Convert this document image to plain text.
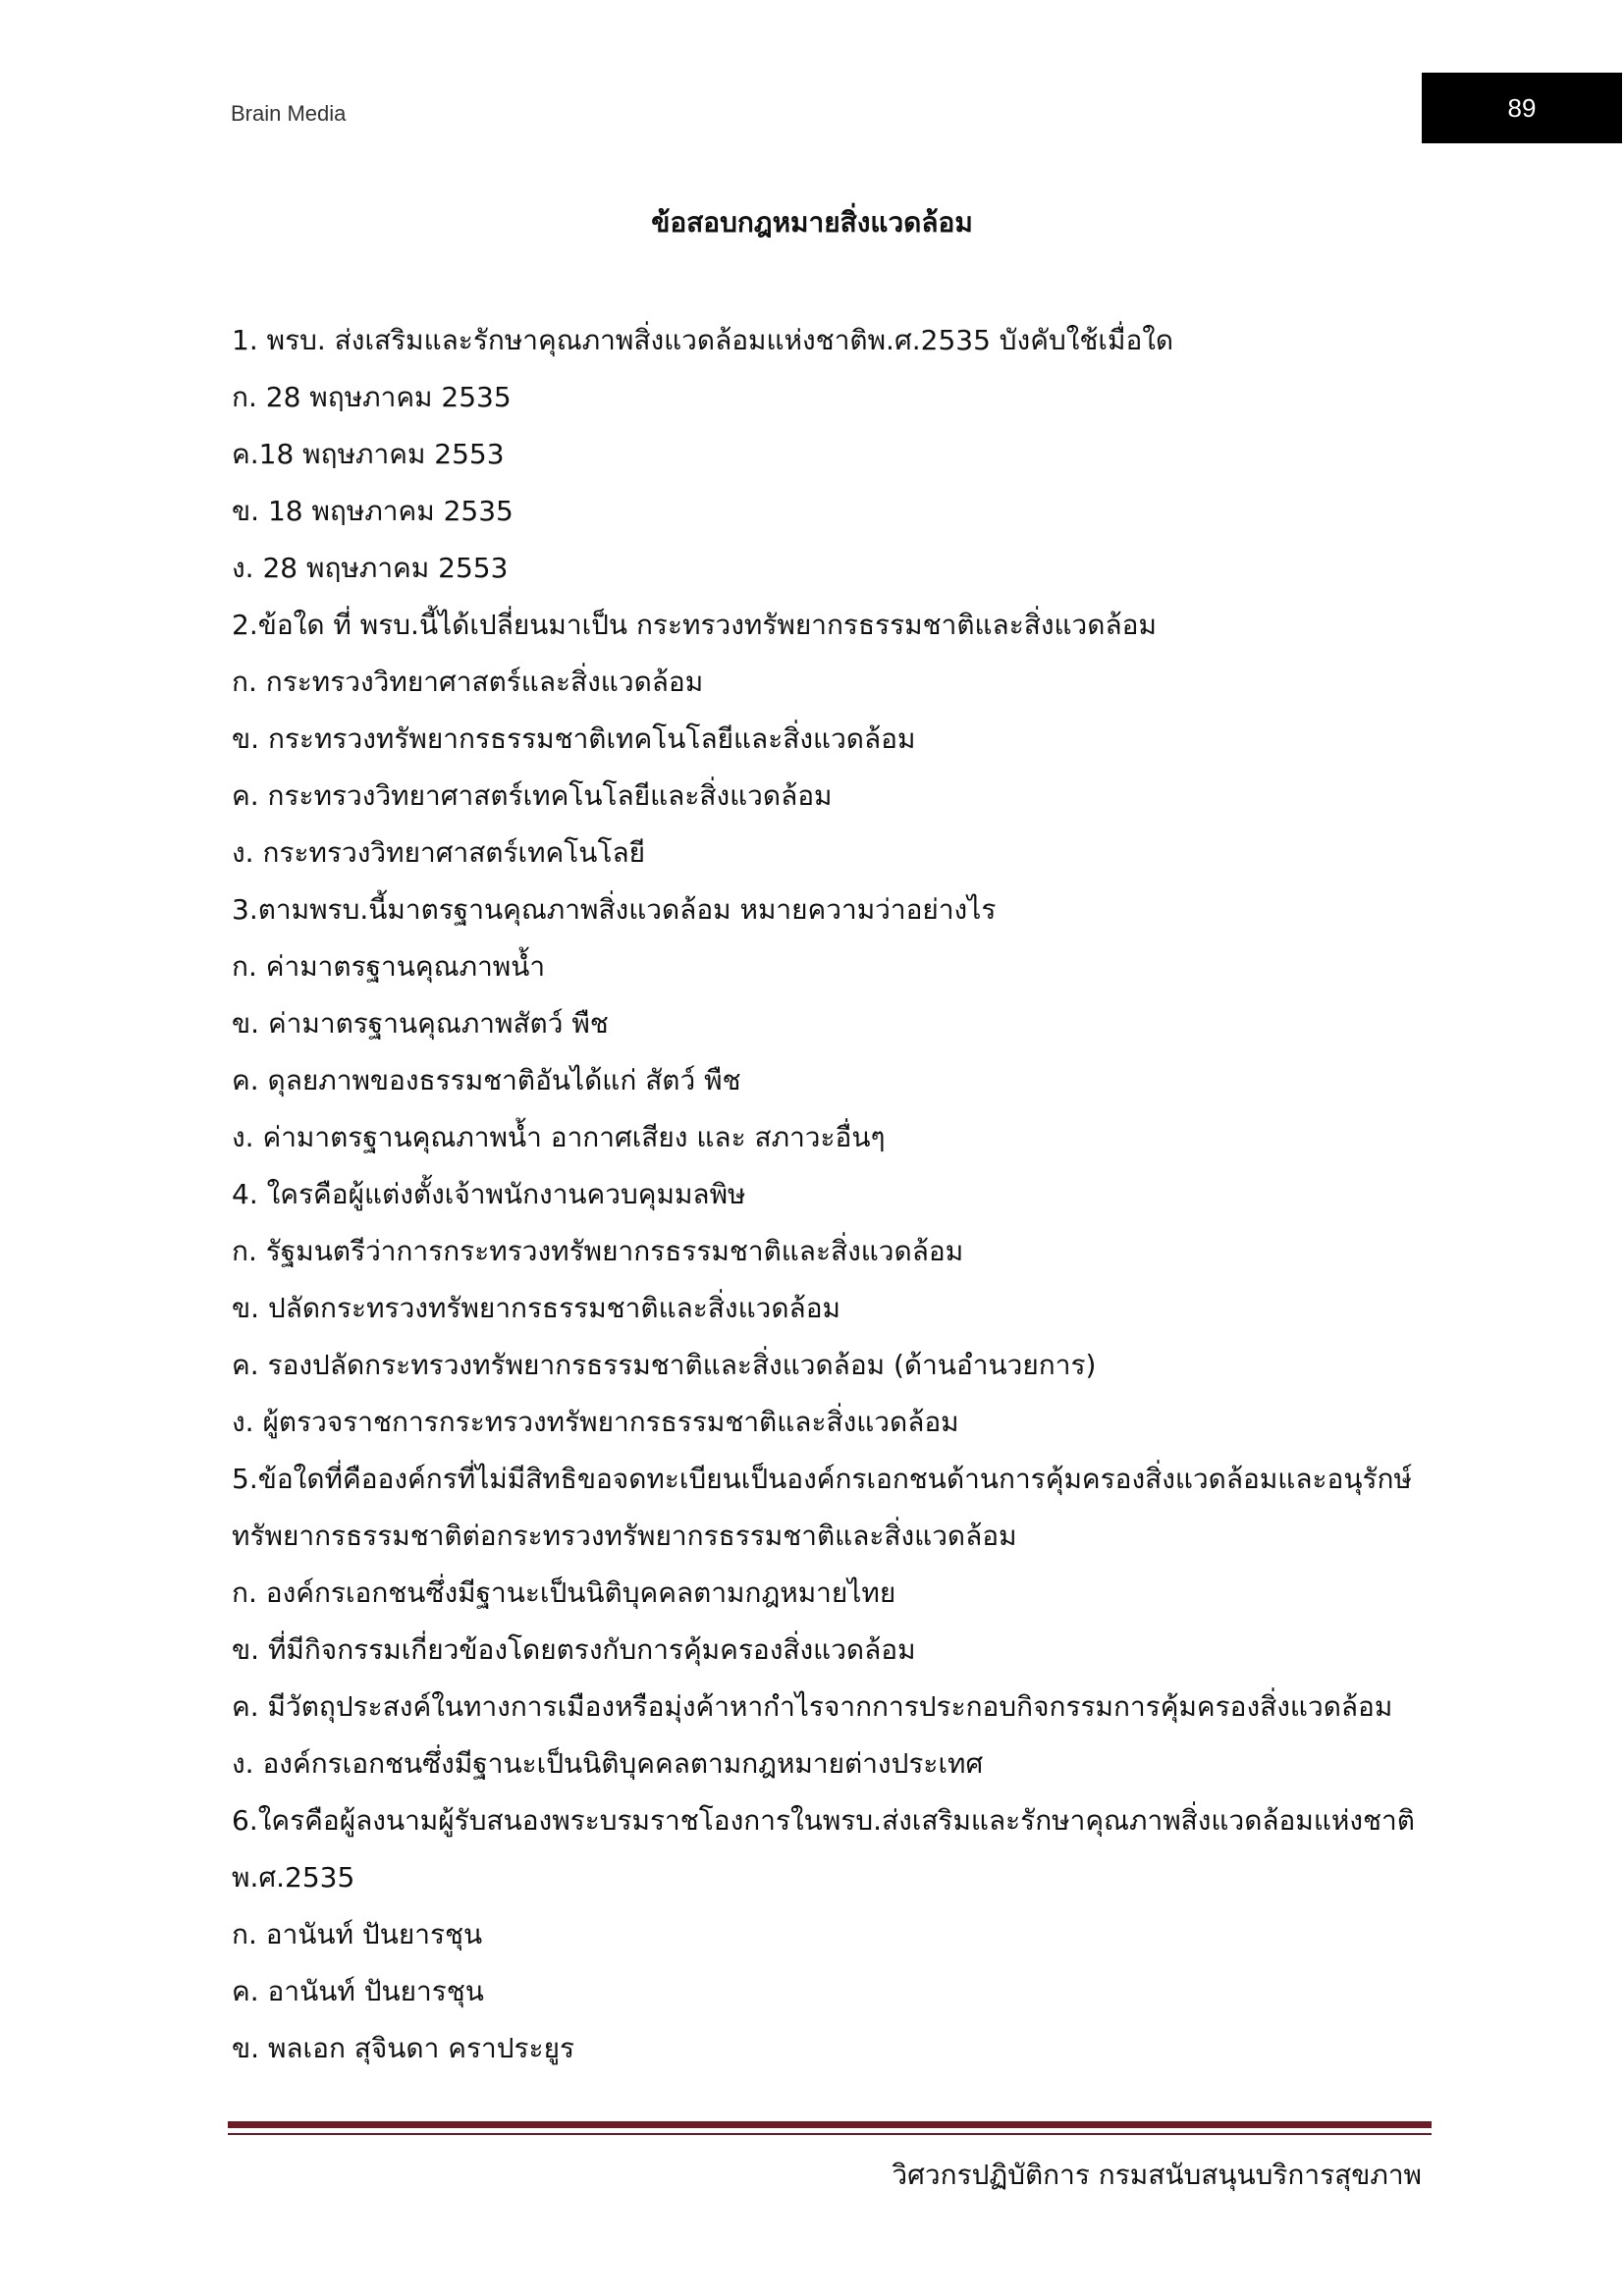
Brain Media	89
ข้อสอบกฎหมายสิ่งแวดล้อม
1. พรบ. ส่งเสริมและรักษาคุณภาพสิ่งแวดล้อมแห่งชาติพ.ศ.2535 บังคับใช้เมื่อใด
ก. 28 พฤษภาคม 2535
ค.18 พฤษภาคม 2553
ข. 18 พฤษภาคม 2535
ง. 28 พฤษภาคม 2553
2.ข้อใด ที่ พรบ.นี้ได้เปลี่ยนมาเป็น กระทรวงทรัพยากรธรรมชาติและสิ่งแวดล้อม
ก. กระทรวงวิทยาศาสตร์และสิ่งแวดล้อม
ข. กระทรวงทรัพยากรธรรมชาติเทคโนโลยีและสิ่งแวดล้อม
ค. กระทรวงวิทยาศาสตร์เทคโนโลยีและสิ่งแวดล้อม
ง. กระทรวงวิทยาศาสตร์เทคโนโลยี
3.ตามพรบ.นี้มาตรฐานคุณภาพสิ่งแวดล้อม หมายความว่าอย่างไร
ก. ค่ามาตรฐานคุณภาพน้ำ
ข. ค่ามาตรฐานคุณภาพสัตว์ พืช
ค. ดุลยภาพของธรรมชาติอันได้แก่ สัตว์ พืช
ง. ค่ามาตรฐานคุณภาพน้ำ อากาศเสียง และ สภาวะอื่นๆ
4. ใครคือผู้แต่งตั้งเจ้าพนักงานควบคุมมลพิษ
ก. รัฐมนตรีว่าการกระทรวงทรัพยากรธรรมชาติและสิ่งแวดล้อม
ข. ปลัดกระทรวงทรัพยากรธรรมชาติและสิ่งแวดล้อม
ค. รองปลัดกระทรวงทรัพยากรธรรมชาติและสิ่งแวดล้อม (ด้านอำนวยการ)
ง. ผู้ตรวจราชการกระทรวงทรัพยากรธรรมชาติและสิ่งแวดล้อม
5.ข้อใดที่คือองค์กรที่ไม่มีสิทธิขอจดทะเบียนเป็นองค์กรเอกชนด้านการคุ้มครองสิ่งแวดล้อมและอนุรักษ์
ทรัพยากรธรรมชาติต่อกระทรวงทรัพยากรธรรมชาติและสิ่งแวดล้อม
ก. องค์กรเอกชนซึ่งมีฐานะเป็นนิติบุคคลตามกฎหมายไทย
ข. ที่มีกิจกรรมเกี่ยวข้องโดยตรงกับการคุ้มครองสิ่งแวดล้อม
ค. มีวัตถุประสงค์ในทางการเมืองหรือมุ่งค้าหากำไรจากการประกอบกิจกรรมการคุ้มครองสิ่งแวดล้อม
ง. องค์กรเอกชนซึ่งมีฐานะเป็นนิติบุคคลตามกฎหมายต่างประเทศ
6.ใครคือผู้ลงนามผู้รับสนองพระบรมราชโองการในพรบ.ส่งเสริมและรักษาคุณภาพสิ่งแวดล้อมแห่งชาติ
พ.ศ.2535
ก. อานันท์ ปันยารชุน
ค. อานันท์ ปันยารชุน
ข. พลเอก สุจินดา คราประยูร
วิศวกรปฏิบัติการ กรมสนับสนุนบริการสุขภาพ
